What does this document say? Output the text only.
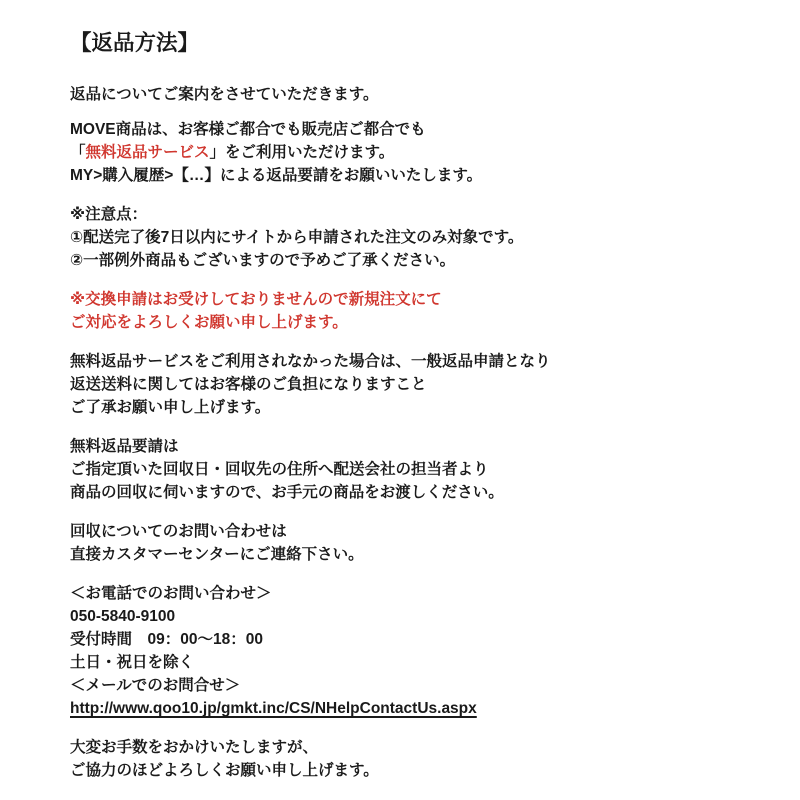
【返品方法】

返品についてご案内をさせていただきます。

MOVE商品は、お客様ご都合でも販売店ご都合でも
「無料返品サービス」をご利用いただけます。
MY>購入履歴>【…】による返品要請をお願いいたします。

※注意点：
①配送完了後7日以内にサイトから申請された注文のみ対象です。
②一部例外商品もございますので予めご了承ください。

※交換申請はお受けしておりませんので新規注文にて
ご対応をよろしくお願い申し上げます。

無料返品サービスをご利用されなかった場合は、一般返品申請となり
返送送料に関してはお客様のご負担になりますこと
ご了承お願い申し上げます。

無料返品要請は
ご指定頂いた回収日・回収先の住所へ配送会社の担当者より
商品の回収に伺いますので、お手元の商品をお渡しください。

回収についてのお問い合わせは
直接カスタマーセンターにご連絡下さい。

＜お電話でのお問い合わせ＞
050-5840-9100
受付時間　09：00～18：00
土日・祝日を除く
＜メールでのお問合せ＞
http://www.qoo10.jp/gmkt.inc/CS/NHelpContactUs.aspx

大変お手数をおかけいたしますが、
ご協力のほどよろしくお願い申し上げます。
